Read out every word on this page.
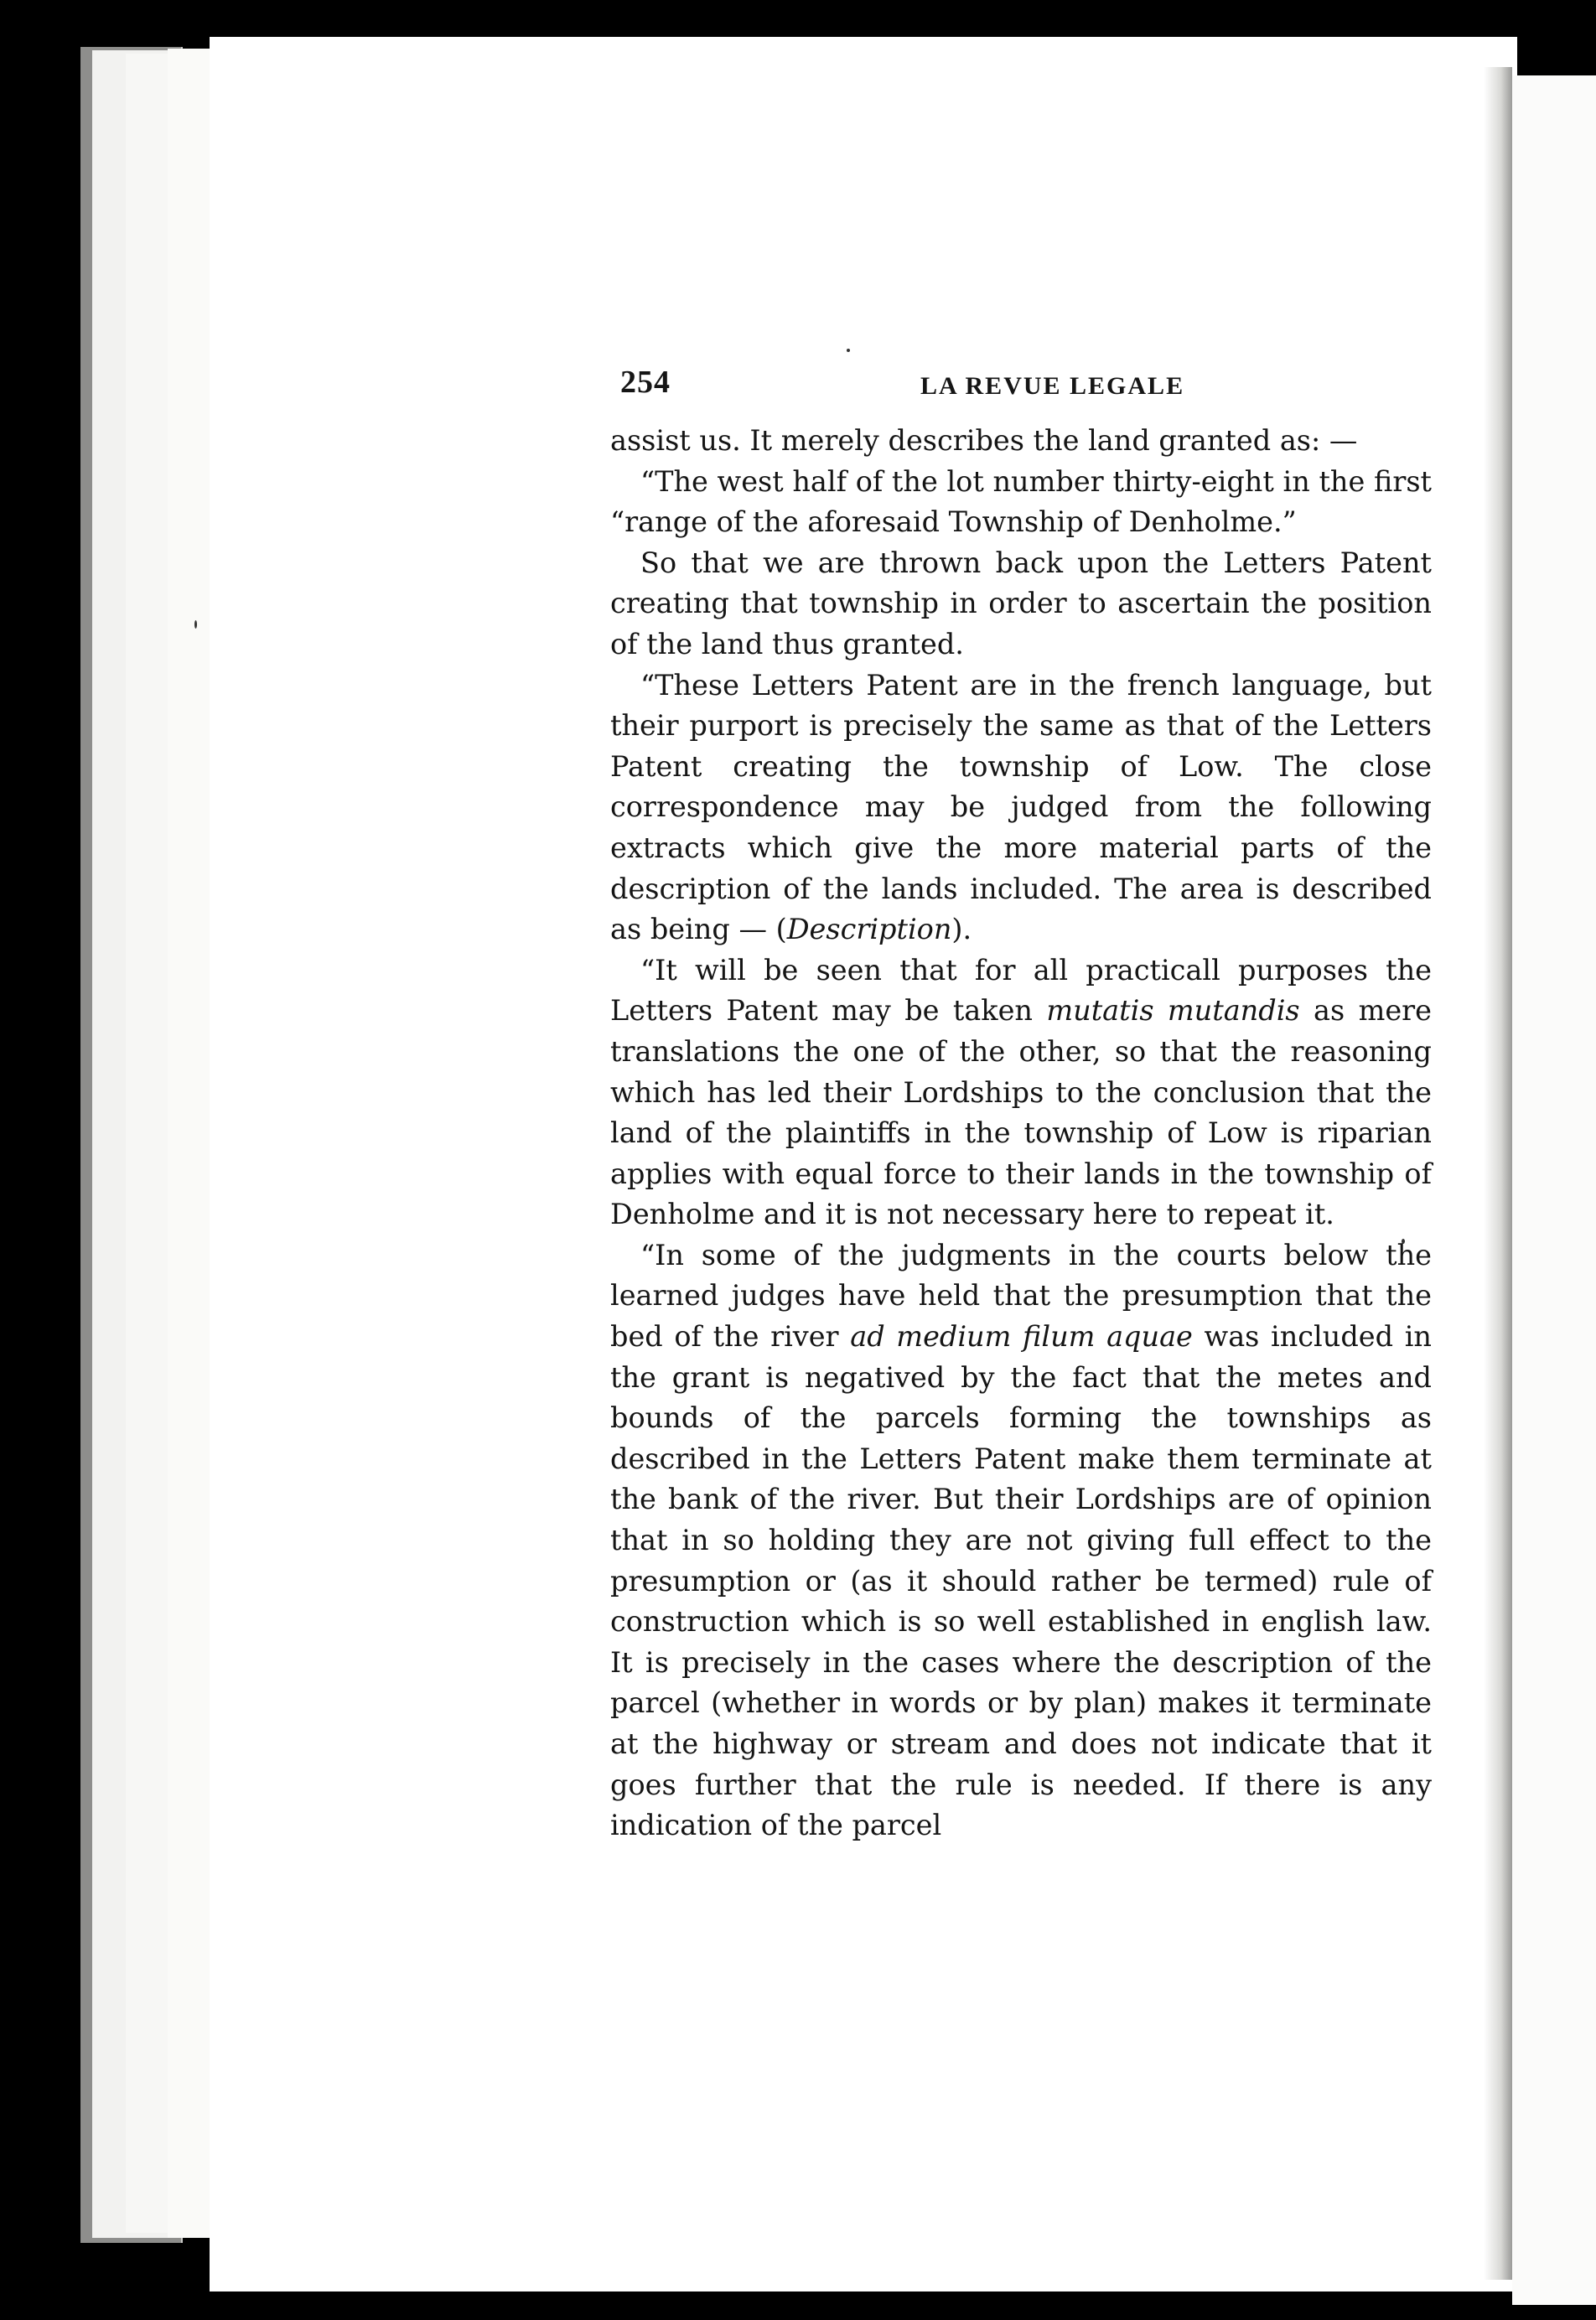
254	LA REVUE LEGALE

assist us. It merely describes the land granted as: —

“The west half of the lot number thirty-eight in the first “range of the aforesaid Township of Denholme.”

So that we are thrown back upon the Letters Patent creating that township in order to ascertain the position of the land thus granted.

“These Letters Patent are in the french language, but their purport is precisely the same as that of the Letters Patent creating the township of Low. The close correspondence may be judged from the following extracts which give the more material parts of the description of the lands included. The area is described as being — (Description).

“It will be seen that for all practicall purposes the Letters Patent may be taken mutatis mutandis as mere translations the one of the other, so that the reasoning which has led their Lordships to the conclusion that the land of the plaintiffs in the township of Low is riparian applies with equal force to their lands in the township of Denholme and it is not necessary here to repeat it.

“In some of the judgments in the courts below the learned judges have held that the presumption that the bed of the river ad medium filum aquae was included in the grant is negatived by the fact that the metes and bounds of the parcels forming the townships as described in the Letters Patent make them terminate at the bank of the river. But their Lordships are of opinion that in so holding they are not giving full effect to the presumption or (as it should rather be termed) rule of construction which is so well established in english law. It is precisely in the cases where the description of the parcel (whether in words or by plan) makes it terminate at the highway or stream and does not indicate that it goes further that the rule is needed. If there is any indication of the parcel
